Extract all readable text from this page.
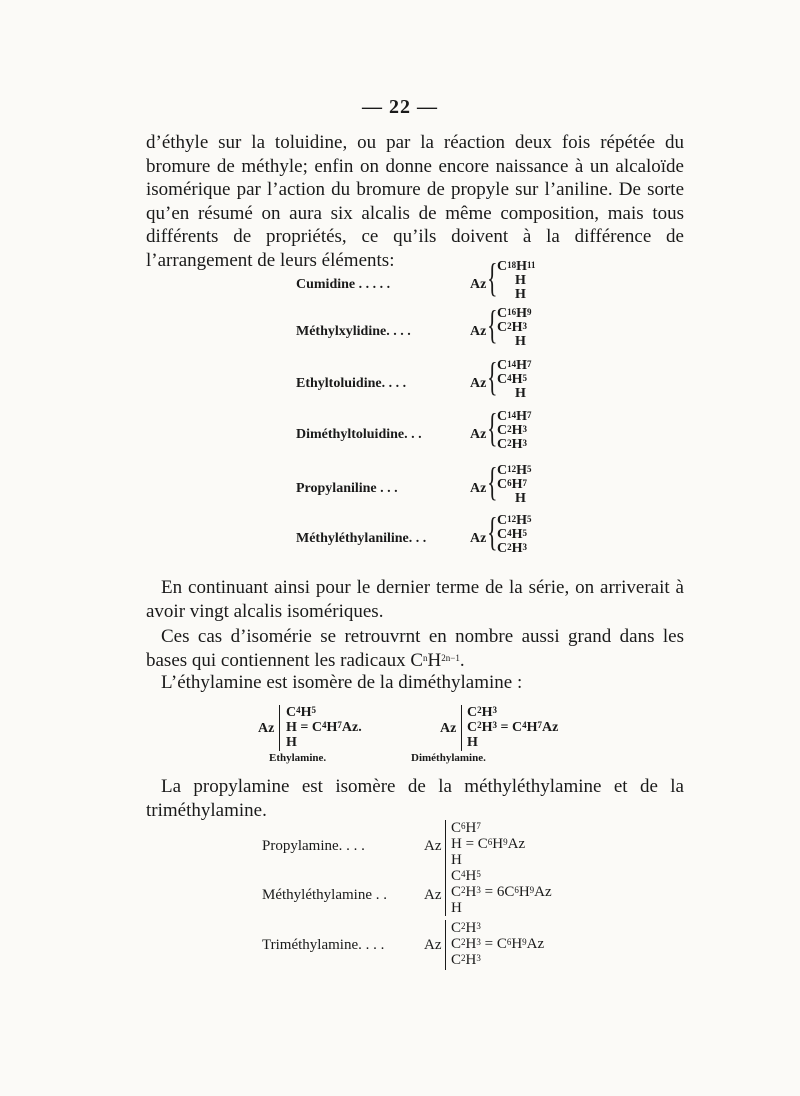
— 22 —
d’éthyle sur la toluidine, ou par la réaction deux fois répétée du bromure de méthyle; enfin on donne encore naissance à un alcaloïde isomérique par l’action du bromure de propyle sur l’aniline. De sorte qu’en résumé on aura six alcalis de même composition, mais tous différents de propriétés, ce qu’ils doivent à la différence de l’arrangement de leurs éléments:
Cumidine . . . . .	Az { $C^{18}H^{11}$
H
H
Méthylxylidine. . . .	Az { $C^{16}H^9$
$C^2H^3$
H
Ethyltoluidine. . . .	Az { $C^{14}H^7$
$C^4H^5$
H
Diméthyltoluidine. . .	Az { $C^{14}H^7$
$C^2H^3$
$C^2H^3$
Propylaniline . . .	Az { $C^{12}H^5$
$C^6H^7$
H
Méthyléthylaniline. . .	Az { $C^{12}H^5$
$C^4H^5$
$C^2H^3$
En continuant ainsi pour le dernier terme de la série, on arriverait à avoir vingt alcalis isomériques.
Ces cas d’isomérie se retrouvrnt en nombre aussi grand dans les bases qui contiennent les radicaux $C^nH^{2n-1}$.
L’éthylamine est isomère de la diméthylamine :
Az
$C^4H^5$
$H = C^4H^7Az$.
H
Ethylamine.
Az
$C^2H^3$
$C^2H^3 = C^4H^7Az$
H
Diméthylamine.
La propylamine est isomère de la méthyléthylamine et de la triméthylamine.
Propylamine. . . .	Az
$C^6H^7$
$H = C^6H^9Az$
H
Méthyléthylamine . . Az
$C^4H^5$
$C^2H^3 = 6C^6H^9Az$
H
Triméthylamine. . . .	Az
$C^2H^3$
$C^2H^3 = C^6H^9Az$
$C^2H^3$
